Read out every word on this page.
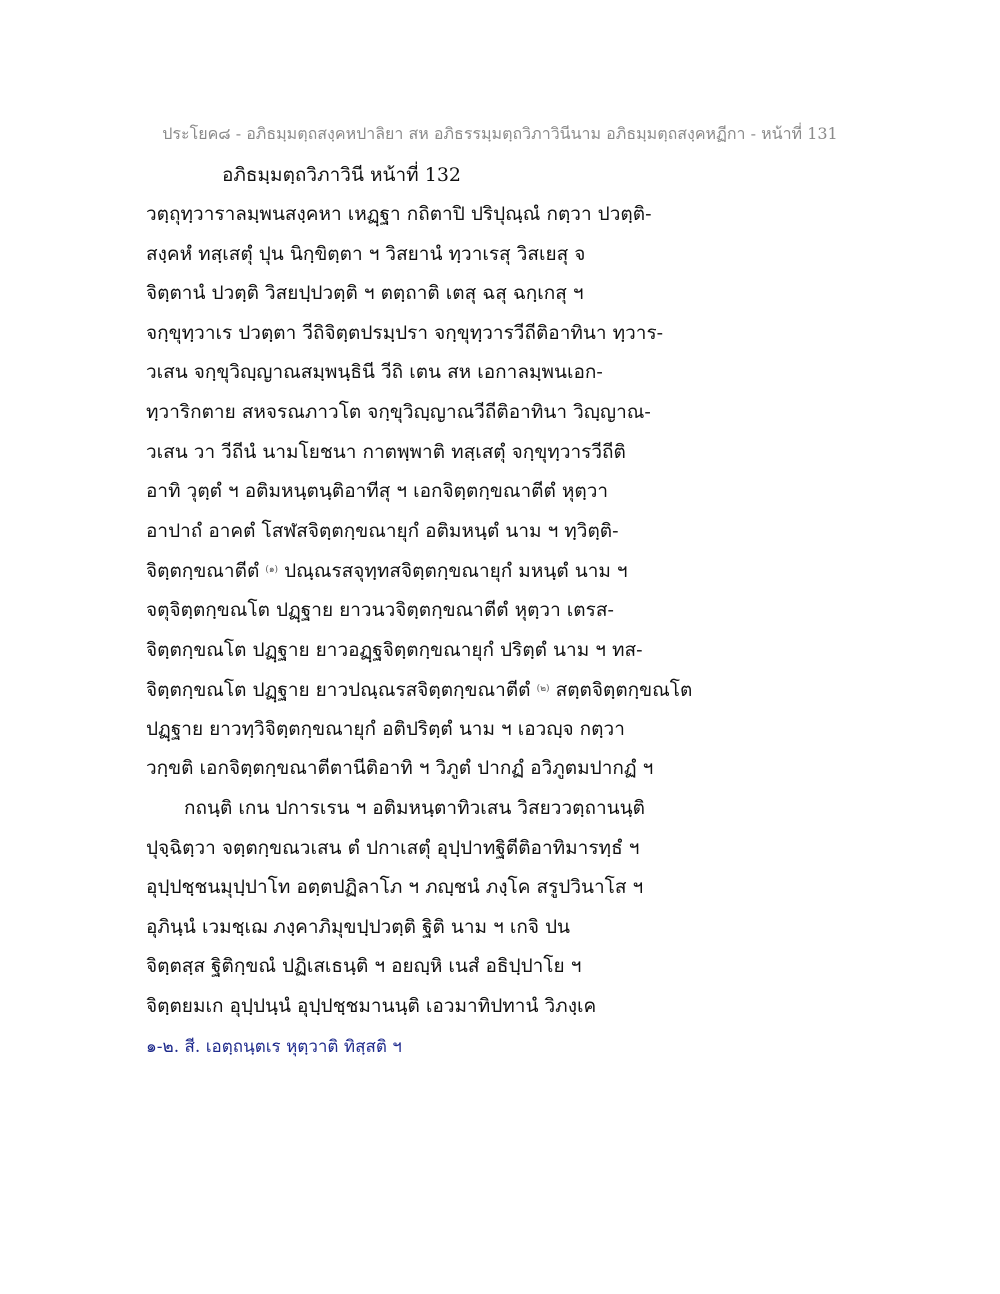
ประโยค๘ - อภิธมฺมตฺถสงฺคหปาลิยา สห อภิธรรมฺมตฺถวิภาวินีนาม อภิธมฺมตฺถสงฺคหฏีกา - หน้าที่ 131
อภิธมฺมตฺถวิภาวินี หน้าที่ 132
วตฺถุทฺวาราลมฺพนสงฺคหา เหฏฺฐา กถิตาปิ ปริปุณฺณํ กตฺวา ปวตฺติ-
สงฺคหํ ทสฺเสตุํ ปุน นิกฺขิตฺตา ฯ วิสยานํ ทฺวาเรสุ วิสเยสุ จ
จิตฺตานํ ปวตฺติ วิสยปฺปวตฺติ ฯ ตตฺถาติ เตสุ ฉสุ ฉกฺเกสุ ฯ
จกฺขุทฺวาเร ปวตฺตา วีถิจิตฺตปรมฺปรา จกฺขุทฺวารวีถีติอาทินา ทฺวาร-
วเสน จกฺขุวิญฺญาณสมฺพนฺธินี วีถิ เตน สห เอกาลมฺพนเอก-
ทฺวาริกตาย สหจรณภาวโต จกฺขุวิญฺญาณวีถีติอาทินา วิญฺญาณ-
วเสน วา วีถีนํ นามโยชนา กาตพฺพาติ ทสฺเสตุํ จกฺขุทฺวารวีถีติ
อาทิ วุตฺตํ ฯ อติมหนฺตนฺติอาทีสุ ฯ เอกจิตฺตกฺขณาตีตํ หุตฺวา
อาปาถํ อาคตํ โสฬสจิตฺตกฺขณายุกํ อติมหนฺตํ นาม ฯ ทฺวิตฺติ-
จิตฺตกฺขณาตีตํ $^{(๑)}$ ปณฺณรสจุทฺทสจิตฺตกฺขณายุกํ มหนฺตํ นาม ฯ
จตุจิตฺตกฺขณโต ปฏฺฐาย ยาวนวจิตฺตกฺขณาตีตํ หุตฺวา เตรส-
จิตฺตกฺขณโต ปฏฺฐาย ยาวอฏฺฐจิตฺตกฺขณายุกํ ปริตฺตํ นาม ฯ ทส-
จิตฺตกฺขณโต ปฏฺฐาย ยาวปณฺณรสจิตฺตกฺขณาตีตํ $^{(๒)}$ สตฺตจิตฺตกฺขณโต
ปฏฺฐาย ยาวทฺวิจิตฺตกฺขณายุกํ อติปริตฺตํ นาม ฯ เอวญฺจ กตฺวา
วกฺขติ เอกจิตฺตกฺขณาตีตานีติอาทิ ฯ วิภูตํ ปากฏํ อวิภูตมปากฏํ ฯ
กถนฺติ เกน ปการเรน ฯ อติมหนฺตาทิวเสน วิสยววตฺถานนฺติ
ปุจฺฉิตฺวา จตฺตกฺขณวเสน ตํ ปกาเสตุํ อุปฺปาทฐิตีติอาทิมารทฺธํ ฯ
อุปฺปชฺชนมุปฺปาโท อตฺตปฏิลาโภ ฯ ภญฺชนํ ภงฺโค สรูปวินาโส ฯ
อุภินฺนํ เวมชฺเฌ ภงฺคาภิมุขปฺปวตฺติ ฐิติ นาม ฯ เกจิ ปน
จิตฺตสฺส ฐิติกฺขณํ ปฏิเสเธนฺติ ฯ อยญฺหิ เนสํ อธิปฺปาโย ฯ
จิตฺตยมเก อุปฺปนฺนํ อุปฺปชฺชมานนฺติ เอวมาทิปทานํ วิภงฺเค
๑-๒. สี. เอตฺถนฺตเร หุตฺวาติ ทิสฺสติ ฯ
